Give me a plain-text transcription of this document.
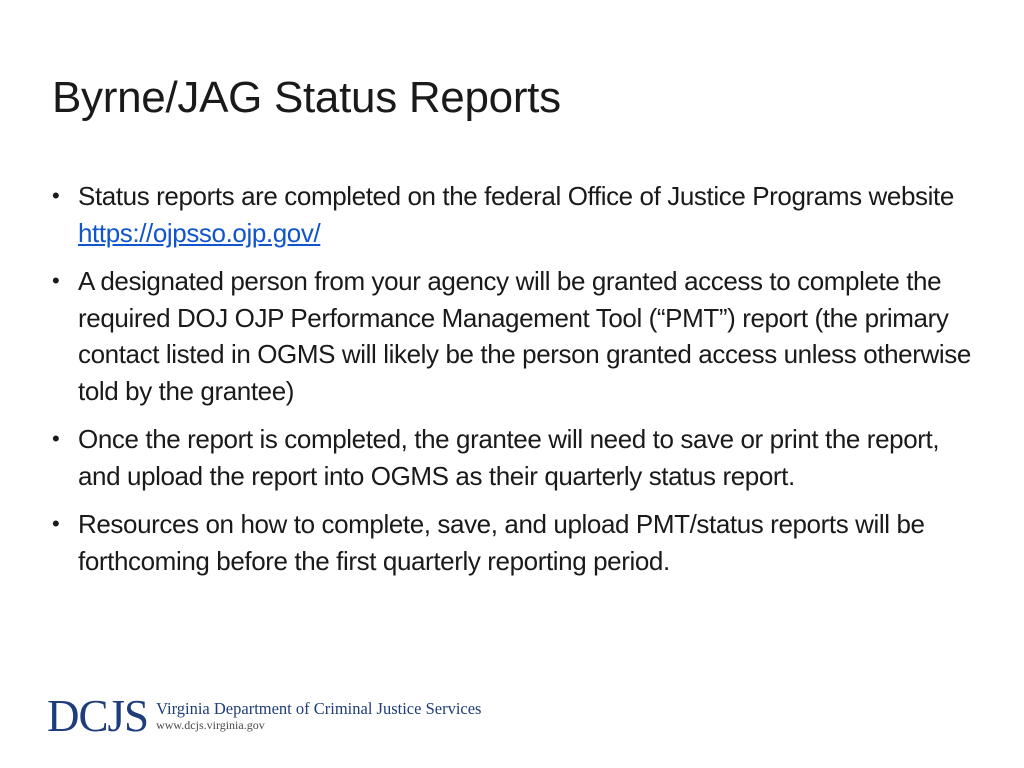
Byrne/JAG Status Reports
• Status reports are completed on the federal Office of Justice Programs website https://ojpsso.ojp.gov/
• A designated person from your agency will be granted access to complete the required DOJ OJP Performance Management Tool (“PMT”) report (the primary contact listed in OGMS will likely be the person granted access unless otherwise told by the grantee)
• Once the report is completed, the grantee will need to save or print the report, and upload the report into OGMS as their quarterly status report.
• Resources on how to complete, save, and upload PMT/status reports will be forthcoming before the first quarterly reporting period.
DCJS Virginia Department of Criminal Justice Services
www.dcjs.virginia.gov
